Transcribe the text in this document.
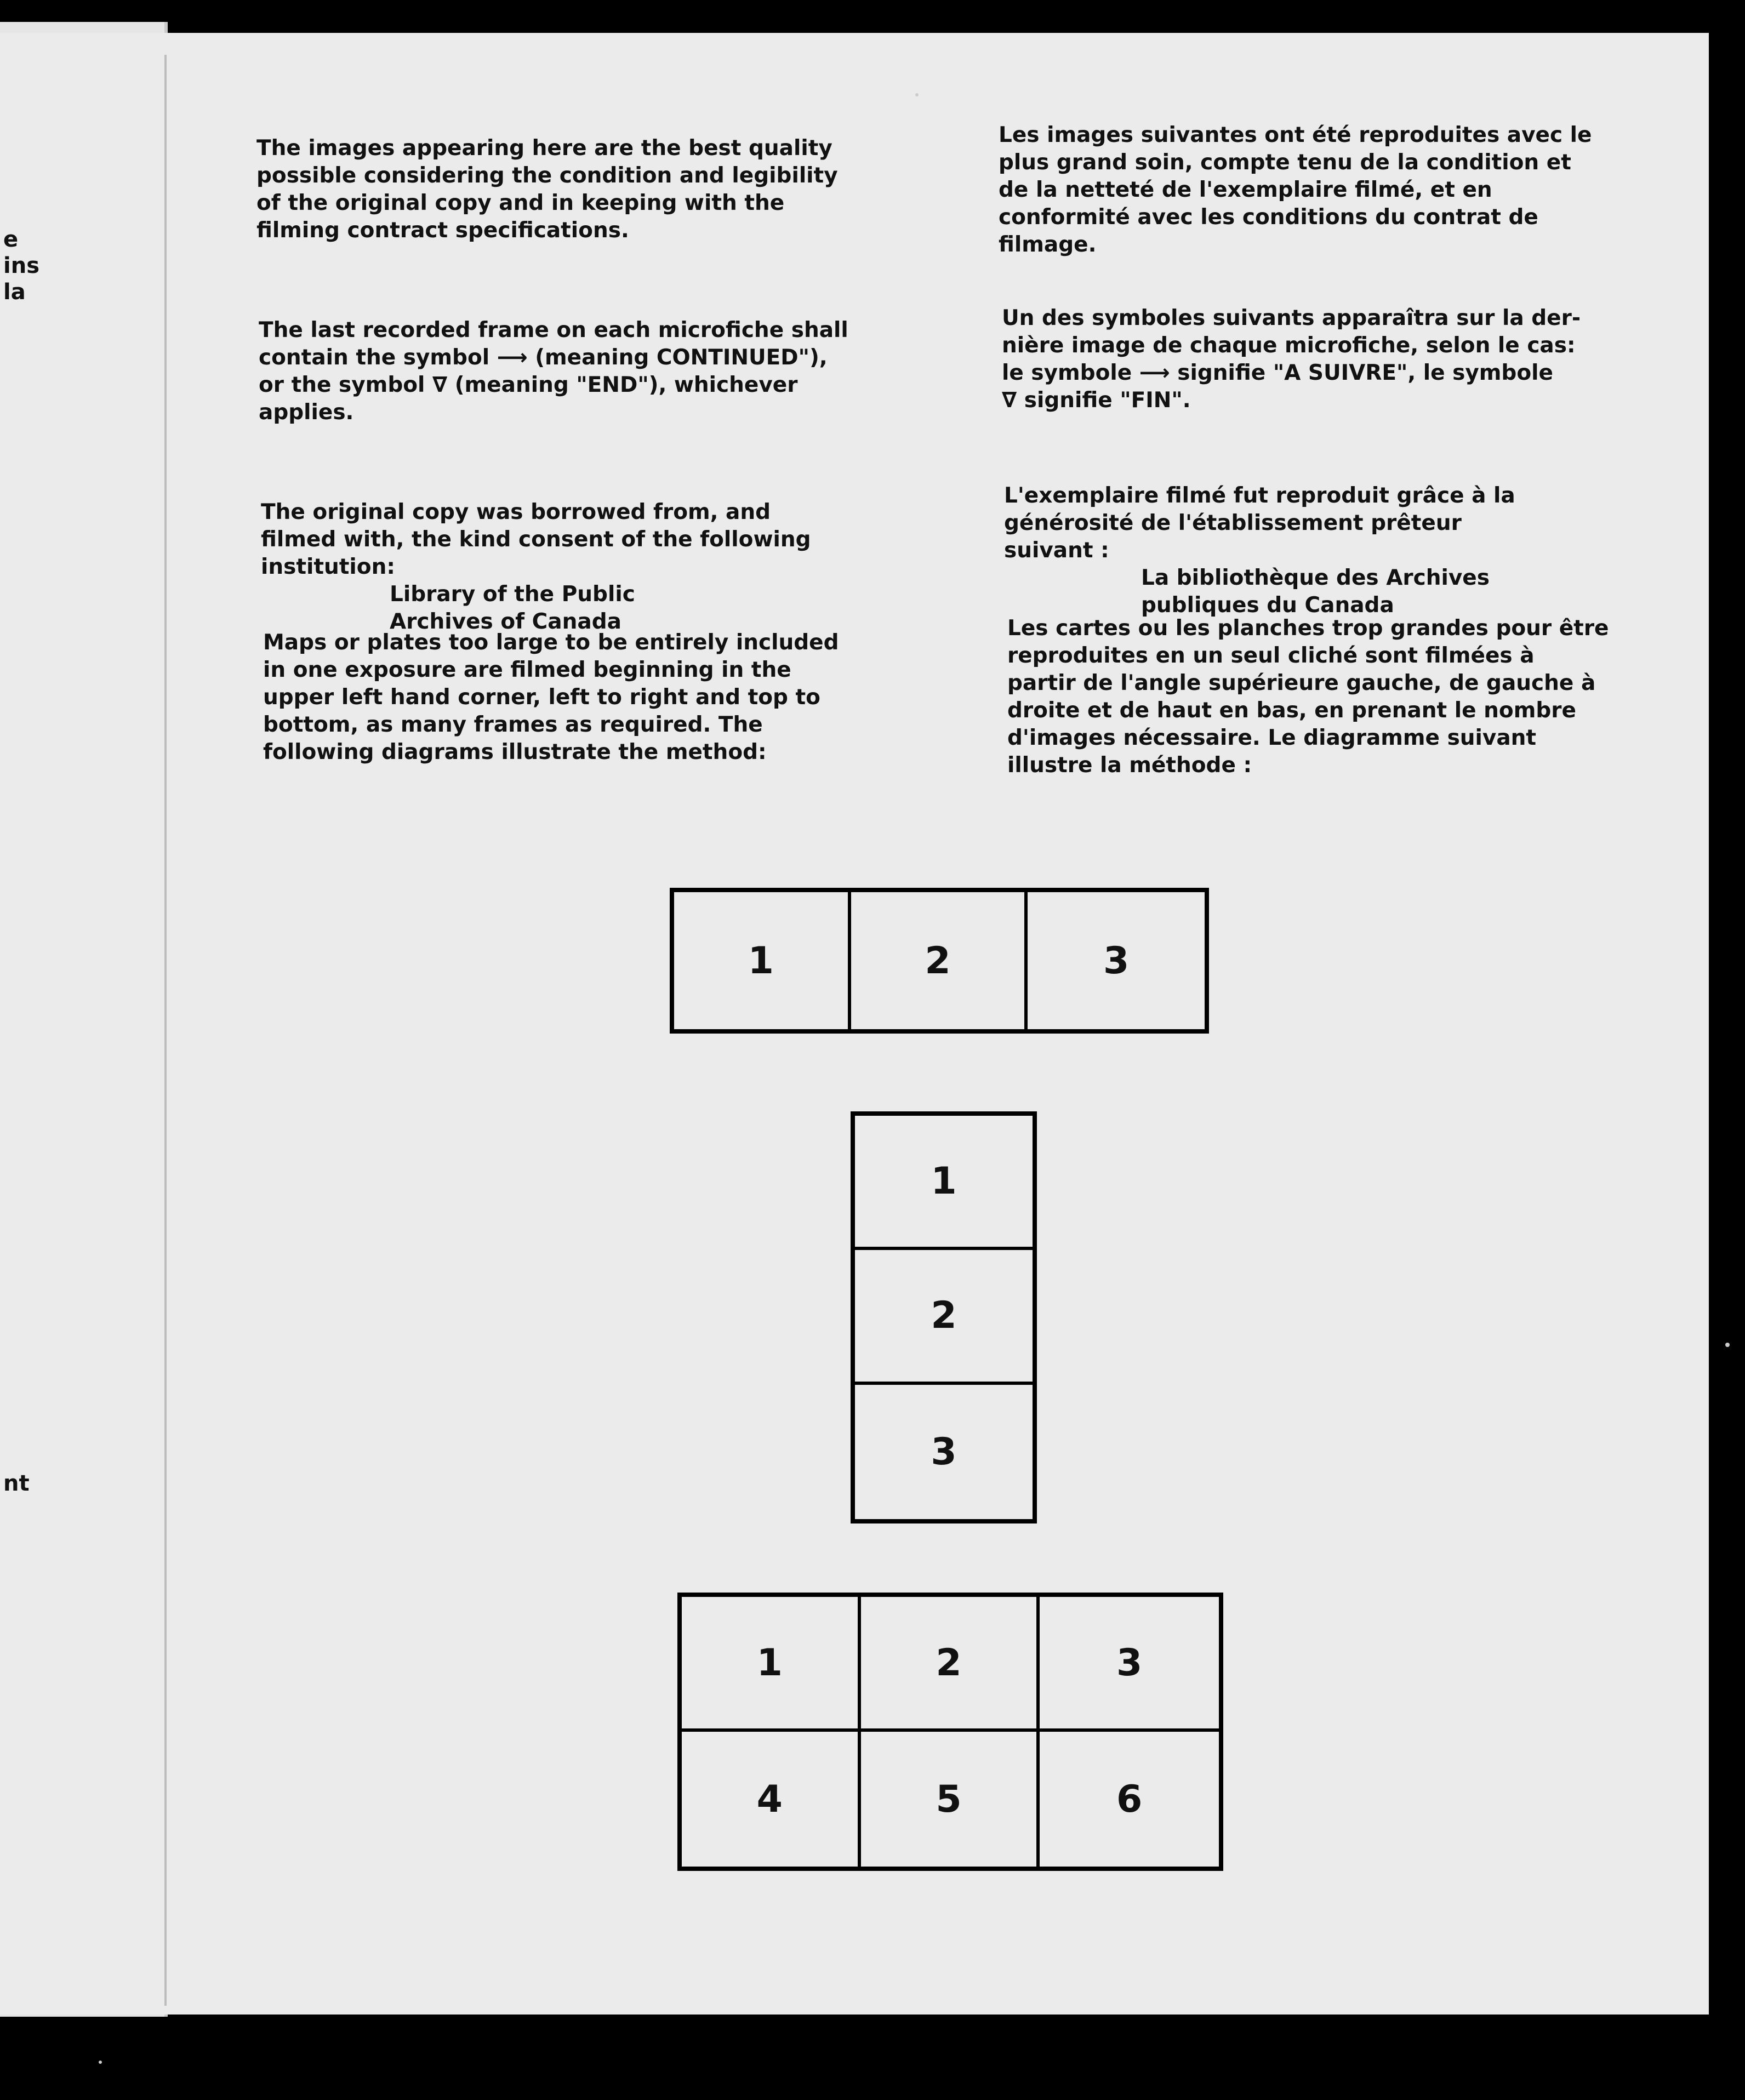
e
ins
la
nt
The images appearing here are the best quality
possible considering the condition and legibility
of the original copy and in keeping with the
filming contract specifications.
The last recorded frame on each microfiche shall
contain the symbol ⟶ (meaning CONTINUED"),
or the symbol ∇ (meaning "END"), whichever
applies.

The original copy was borrowed from, and
filmed with, the kind consent of the following
institution:

Library of the Public
Archives of Canada

Maps or plates too large to be entirely included
in one exposure are filmed beginning in the
upper left hand corner, left to right and top to
bottom, as many frames as required. The
following diagrams illustrate the method:
Les images suivantes ont été reproduites avec le
plus grand soin, compte tenu de la condition et
de la netteté de l'exemplaire filmé, et en
conformité avec les conditions du contrat de
filmage.
Un des symboles suivants apparaîtra sur la der-
nière image de chaque microfiche, selon le cas:
le symbole ⟶ signifie "A SUIVRE", le symbole
∇ signifie "FIN".

L'exemplaire filmé fut reproduit grâce à la
générosité de l'établissement prêteur
suivant :

La bibliothèque des Archives
publiques du Canada

Les cartes ou les planches trop grandes pour être
reproduites en un seul cliché sont filmées à
partir de l'angle supérieure gauche, de gauche à
droite et de haut en bas, en prenant le nombre
d'images nécessaire. Le diagramme suivant
illustre la méthode :
1	2	3
1
2
3
1	2	3
4	5	6
